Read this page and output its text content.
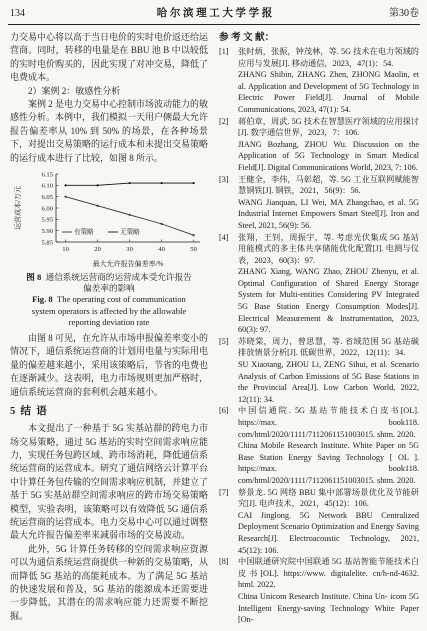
134	哈 尔 滨 理 工 大 学 学 报	第30卷

力交易中心将以高于当日电价的实时电价返还给运营商。同时，转移的电量是在 BBU 池 B 中以较低的实时电价购买的，因此实现了对冲交易，降低了电费成本。

2）案例 2：敏感性分析

案例 2 是电力交易中心控制市场波动能力的敏感性分析。本例中，我们模拟一天用户侧最大允许报告偏差率从 10% 到 50% 的场景，在各种场景下，对提出交易策略的运行成本和未提出交易策略的运行成本进行了比较，如图 8 所示。

运营成本/万元
最大允许报告偏差率/%
6.15
6.10
6.05
6.00
5.95
5.90
5.85
10	20	30	40	50
有策略	无策略
图 8 通信系统运营商的运营成本受允许报告偏差率的影响
Fig. 8 The operating cost of communication system operators is affected by the allowable reporting deviation rate

由图 8 可见，在允许从市场申报偏差率变小的情况下，通信系统运营商的计划用电量与实际用电量的偏差越来越小，采用该策略后，节省的电费也在逐渐减少。这表明，电力市场规则更加严格时，通信系统运营商的套利机会越来越小。

5 结  语

本文提出了一种基于 5G 实基站群的跨电力市场交易策略，通过 5G 基站的实时空间需求响应能力，实现任务包跨区域、跨市场消耗，降低通信系统运营商的运营成本。研究了通信网络云计算平台中计算任务包传输的空间需求响应机制，并建立了基于 5G 实基站群空间需求响应的跨市场交易策略模型，实验表明，该策略可以有效降低 5G 通信系统运营商的运营成本。电力交易中心可以通过调整最大允许报告偏差率来减弱市场的交易波动。

此外，5G 计算任务转移的空间需求响应资源可以为通信系统运营商提供一种新的交易策略，从而降低 5G 基站的高能耗成本。为了满足 5G 基站的快速发展和普及，5G 基站的能源成本还需要进一步降低，其潜在的需求响应能力还需要不断挖掘。

参 考 文 献：
[1]	张时炳，张振，钟茂林，等. 5G 技术在电力领域的应用与发展[J]. 移动通信，2023，47(1)：54.
ZHANG Shibin, ZHANG Zhen, ZHONG Maolin, et al. Application and Development of 5G Technology in Electric Power Field[J]. Journal of Mobile Communications, 2023, 47(1): 54.
[2]	蒋伯章，周武. 5G 技术在智慧医疗领域的应用探讨[J]. 数字通信世界，2023，7：106.
JIANG Bozhang, ZHOU Wu. Discussion on the Application of 5G Technology in Smart Medical Field[J]. Digital Communications World, 2023, 7: 106.
[3]	王健全，李伟，马彰超，等. 5G 工业互联网赋能智慧钢铁[J]. 钢铁，2021，56(9)：56.
WANG Jianquan, LI Wei, MA Zhangchao, et al. 5G Industrial Internet Empowers Smart Steel[J]. Iron and Steel, 2021, 56(9): 56.
[4]	张翔，王钊，周振宇，等. 考虑光伏集成 5G 基站用能模式的多主体共享储能优化配置[J]. 电测与仪表，2023，60(3)：97.
ZHANG Xiang, WANG Zhao, ZHOU Zhenyu, et al. Optimal Configuration of Shared Energy Storage System for Multi-entities Considering PV Integrated 5G Base Station Energy Consumption Modes[J]. Electrical Measurement & Instrumentation, 2023, 60(3): 97.
[5]	苏晓棠，周力，曾思慧，等. 省域范围 5G 基站碳排放情景分析[J]. 低碳世界，2022，12(11)：34.
SU Xiaotang, ZHOU Li, ZENG Sihui, et al. Scenario Analysis of Carbon Emissions of 5G Base Stations in the Provincial Area[J]. Low Carbon World, 2022, 12(11): 34.
[6]	中国信通院. 5G 基站节能技术白皮书[OL]. https://max. book118. com/html/2020/1111/7112061151003015. shtm. 2020.
China Mobile Research Institute. White Paper on 5G Base Station Energy Saving Technology [ OL ]. https://max. book118. com/html/2020/1111/7112061151003015. shtm. 2020.
[7]	蔡景龙. 5G 网络 BBU 集中部署场景优化及节能研究[J]. 电声技术，2021，45(12)：106.
CAI Jinglong. 5G Network BBU Centralized Deployment Scenario Optimization and Energy Saving Research[J]. Electroacoustic Technology, 2021, 45(12): 106.
[8]	中国联通研究院中国联通 5G 基站智能节能技术白皮书[OL]. https://www. digitalelite. cn/h-nd-4632. html. 2022.
China Unicom Research Institute. China Un- icom 5G Intelligent Energy-saving Technology White Paper [On-
